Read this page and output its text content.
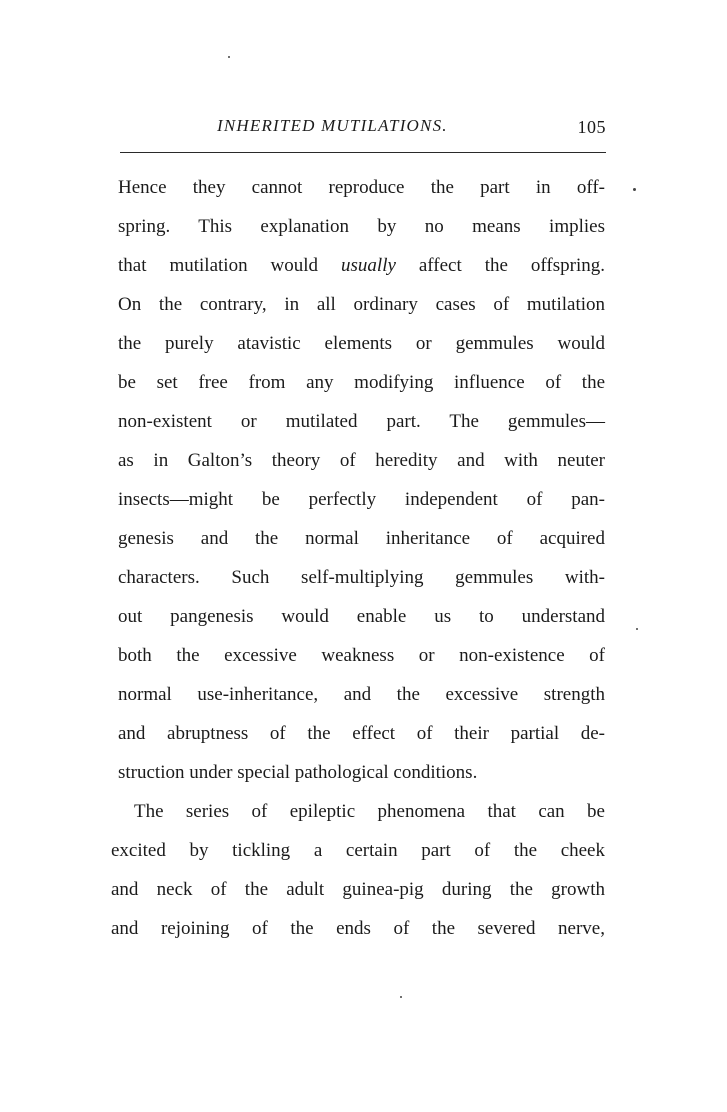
INHERITED MUTILATIONS.	105
Hence they cannot reproduce the part in off-
spring. This explanation by no means implies
that mutilation would usually affect the offspring.
On the contrary, in all ordinary cases of mutilation
the purely atavistic elements or gemmules would
be set free from any modifying influence of the
non-existent or mutilated part. The gemmules—
as in Galton’s theory of heredity and with neuter
insects—might be perfectly independent of pan-
genesis and the normal inheritance of acquired
characters. Such self-multiplying gemmules with-
out pangenesis would enable us to understand
both the excessive weakness or non-existence of
normal use-inheritance, and the excessive strength
and abruptness of the effect of their partial de-
struction under special pathological conditions.
The series of epileptic phenomena that can be
excited by tickling a certain part of the cheek
and neck of the adult guinea-pig during the growth
and rejoining of the ends of the severed nerve,
